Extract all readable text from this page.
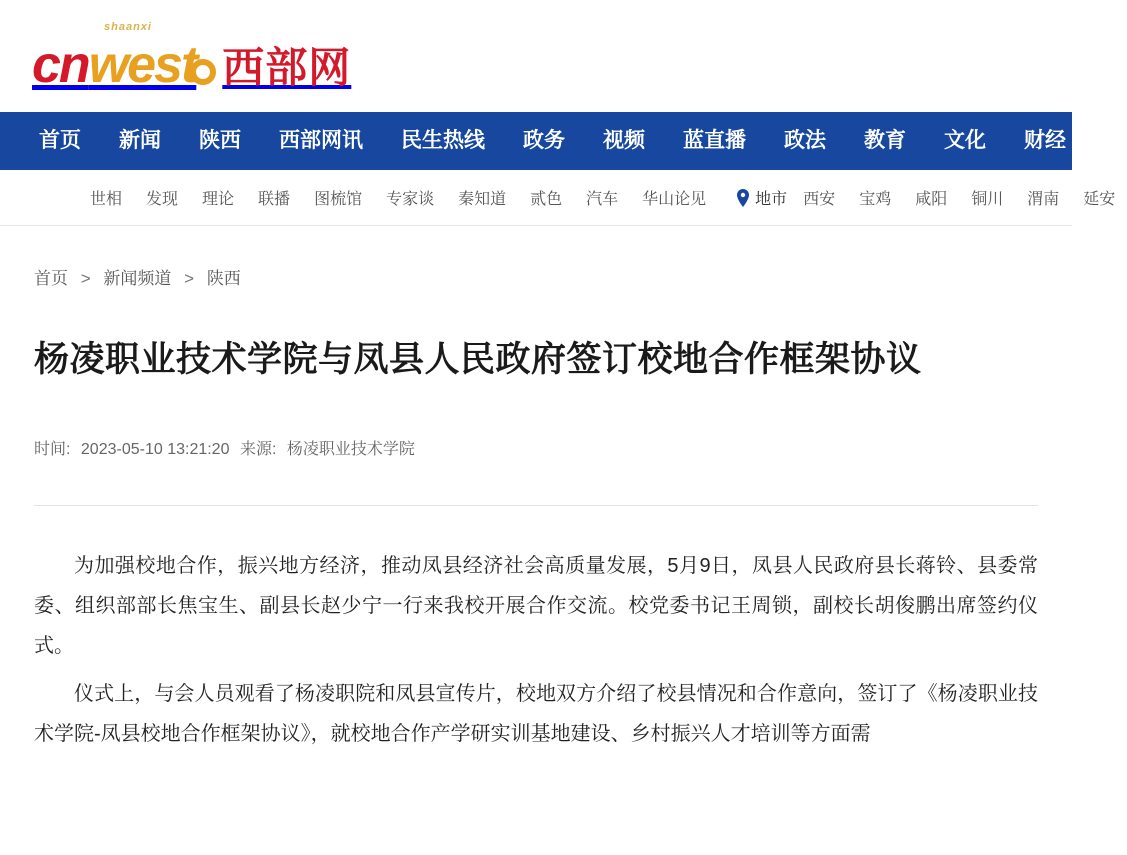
shaanxi
cn west 西部网
首页	新闻	陕西	西部网讯	民生热线	政务	视频	蓝直播	政法	教育	文化	财经
世相	发现	理论	联播	图梳馆	专家谈	秦知道	贰色	汽车	华山论见	地市	西安	宝鸡	咸阳	铜川	渭南	延安
首页 > 新闻频道 > 陕西
杨凌职业技术学院与凤县人民政府签订校地合作框架协议
时间: 2023-05-10 13:21:20 来源: 杨凌职业技术学院

为加强校地合作，振兴地方经济，推动凤县经济社会高质量发展，5月9日，凤县人民政府县长蒋铃、县委常委、组织部部长焦宝生、副县长赵少宁一行来我校开展合作交流。校党委书记王周锁，副校长胡俊鹏出席签约仪式。

仪式上，与会人员观看了杨凌职院和凤县宣传片，校地双方介绍了校县情况和合作意向，签订了《杨凌职业技术学院-凤县校地合作框架协议》，就校地合作产学研实训基地建设、乡村振兴人才培训等方面需
